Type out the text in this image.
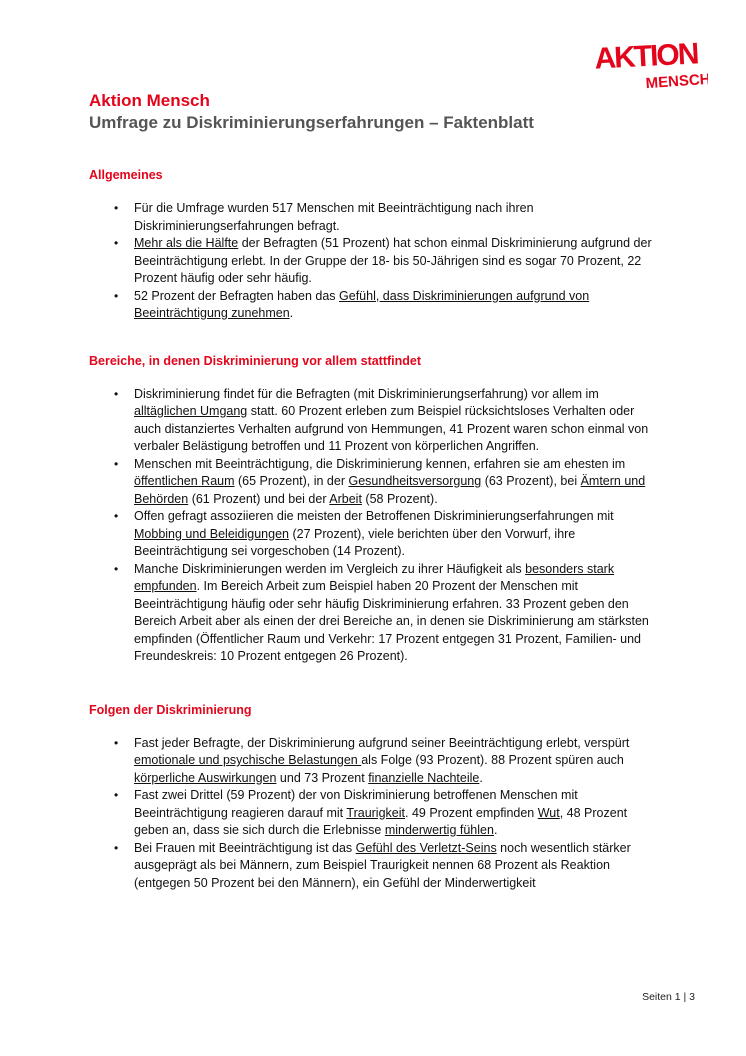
AKTION
MENSCH

Aktion Mensch

Umfrage zu Diskriminierungserfahrungen – Faktenblatt

Allgemeines

• Für die Umfrage wurden 517 Menschen mit Beeinträchtigung nach ihren Diskriminierungserfahrungen befragt.
• Mehr als die Hälfte der Befragten (51 Prozent) hat schon einmal Diskriminierung aufgrund der Beeinträchtigung erlebt. In der Gruppe der 18- bis 50-Jährigen sind es sogar 70 Prozent, 22 Prozent häufig oder sehr häufig.
• 52 Prozent der Befragten haben das Gefühl, dass Diskriminierungen aufgrund von Beeinträchtigung zunehmen.

Bereiche, in denen Diskriminierung vor allem stattfindet

• Diskriminierung findet für die Befragten (mit Diskriminierungserfahrung) vor allem im alltäglichen Umgang statt. 60 Prozent erleben zum Beispiel rücksichtsloses Verhalten oder auch distanziertes Verhalten aufgrund von Hemmungen, 41 Prozent waren schon einmal von verbaler Belästigung betroffen und 11 Prozent von körperlichen Angriffen.
• Menschen mit Beeinträchtigung, die Diskriminierung kennen, erfahren sie am ehesten im öffentlichen Raum (65 Prozent), in der Gesundheitsversorgung (63 Prozent), bei Ämtern und Behörden (61 Prozent) und bei der Arbeit (58 Prozent).
• Offen gefragt assoziieren die meisten der Betroffenen Diskriminierungserfahrungen mit Mobbing und Beleidigungen (27 Prozent), viele berichten über den Vorwurf, ihre Beeinträchtigung sei vorgeschoben (14 Prozent).
• Manche Diskriminierungen werden im Vergleich zu ihrer Häufigkeit als besonders stark empfunden. Im Bereich Arbeit zum Beispiel haben 20 Prozent der Menschen mit Beeinträchtigung häufig oder sehr häufig Diskriminierung erfahren. 33 Prozent geben den Bereich Arbeit aber als einen der drei Bereiche an, in denen sie Diskriminierung am stärksten empfinden (Öffentlicher Raum und Verkehr: 17 Prozent entgegen 31 Prozent, Familien- und Freundeskreis: 10 Prozent entgegen 26 Prozent).

Folgen der Diskriminierung

• Fast jeder Befragte, der Diskriminierung aufgrund seiner Beeinträchtigung erlebt, verspürt emotionale und psychische Belastungen als Folge (93 Prozent). 88 Prozent spüren auch körperliche Auswirkungen und 73 Prozent finanzielle Nachteile.
• Fast zwei Drittel (59 Prozent) der von Diskriminierung betroffenen Menschen mit Beeinträchtigung reagieren darauf mit Traurigkeit. 49 Prozent empfinden Wut, 48 Prozent geben an, dass sie sich durch die Erlebnisse minderwertig fühlen.
• Bei Frauen mit Beeinträchtigung ist das Gefühl des Verletzt-Seins noch wesentlich stärker ausgeprägt als bei Männern, zum Beispiel Traurigkeit nennen 68 Prozent als Reaktion (entgegen 50 Prozent bei den Männern), ein Gefühl der Minderwertigkeit
Seiten 1 | 3
